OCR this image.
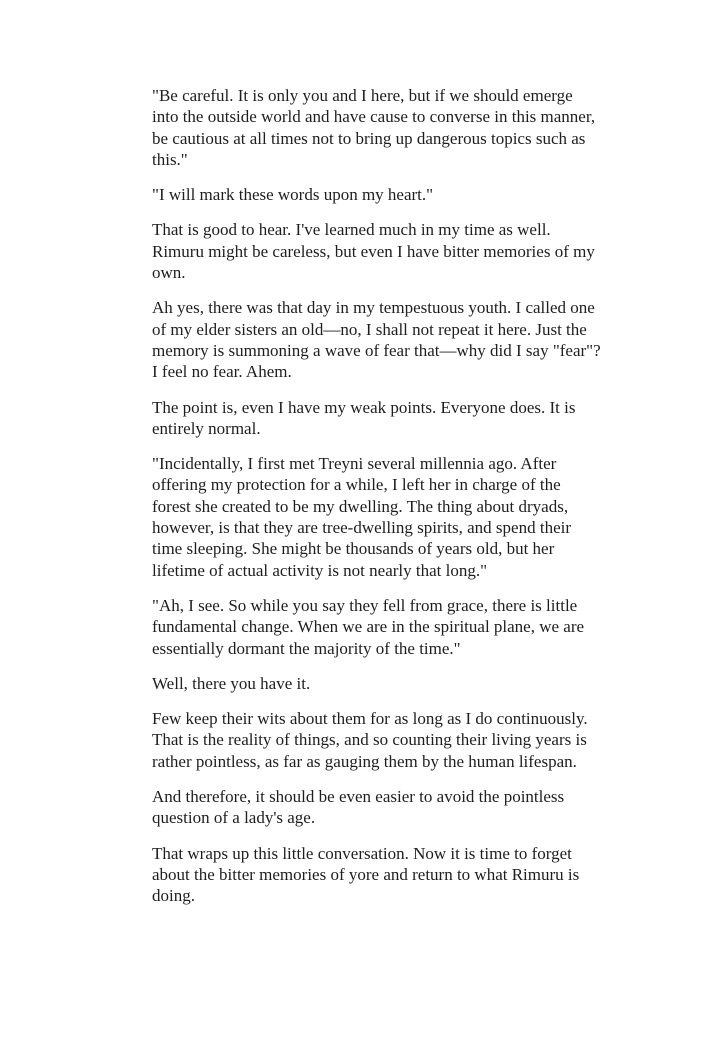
"Be careful. It is only you and I here, but if we should emerge into the outside world and have cause to converse in this manner, be cautious at all times not to bring up dangerous topics such as this."

"I will mark these words upon my heart."

That is good to hear. I've learned much in my time as well. Rimuru might be careless, but even I have bitter memories of my own.

Ah yes, there was that day in my tempestuous youth. I called one of my elder sisters an old—no, I shall not repeat it here. Just the memory is summoning a wave of fear that—why did I say "fear"? I feel no fear. Ahem.

The point is, even I have my weak points. Everyone does. It is entirely normal.

"Incidentally, I first met Treyni several millennia ago. After offering my protection for a while, I left her in charge of the forest she created to be my dwelling. The thing about dryads, however, is that they are tree-dwelling spirits, and spend their time sleeping. She might be thousands of years old, but her lifetime of actual activity is not nearly that long."

"Ah, I see. So while you say they fell from grace, there is little fundamental change. When we are in the spiritual plane, we are essentially dormant the majority of the time."

Well, there you have it.

Few keep their wits about them for as long as I do continuously. That is the reality of things, and so counting their living years is rather pointless, as far as gauging them by the human lifespan.

And therefore, it should be even easier to avoid the pointless question of a lady's age.

That wraps up this little conversation. Now it is time to forget about the bitter memories of yore and return to what Rimuru is doing.
